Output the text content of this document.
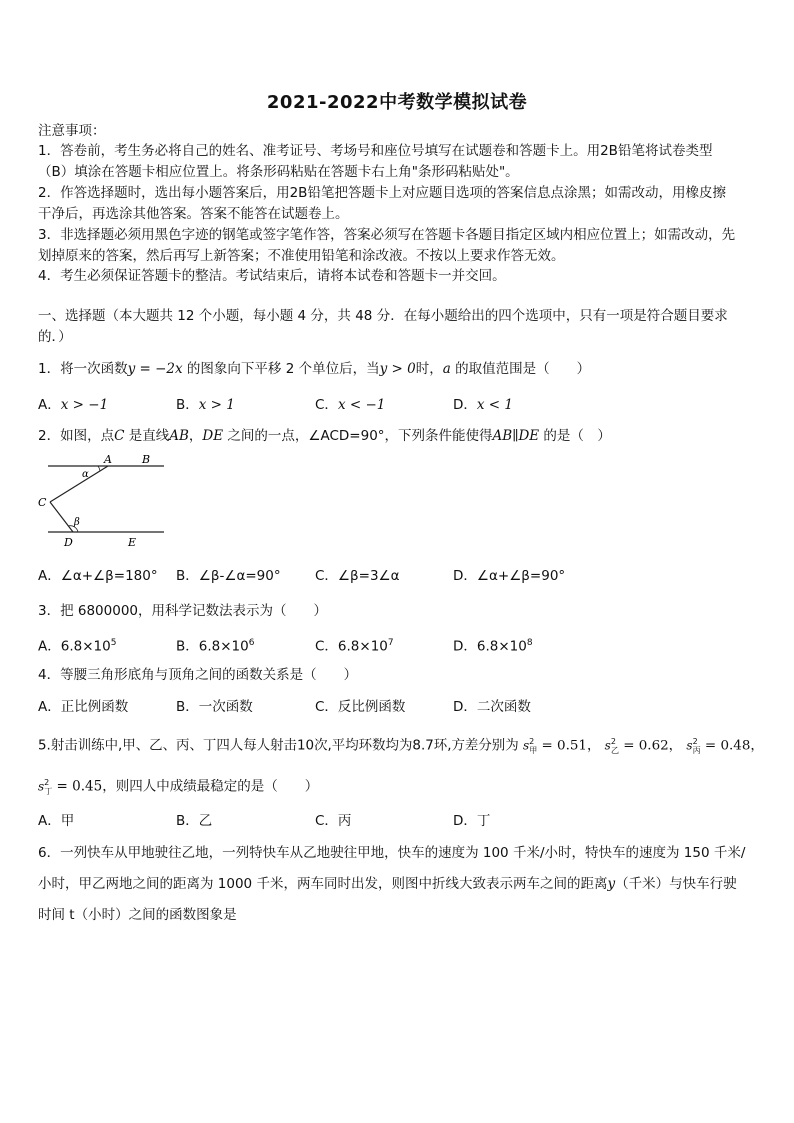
2021-2022中考数学模拟试卷
注意事项：
1．答卷前，考生务必将自己的姓名、准考证号、考场号和座位号填写在试题卷和答题卡上。用2B铅笔将试卷类型
（B）填涂在答题卡相应位置上。将条形码粘贴在答题卡右上角"条形码粘贴处"。
2．作答选择题时，选出每小题答案后，用2B铅笔把答题卡上对应题目选项的答案信息点涂黑；如需改动，用橡皮擦
干净后，再选涂其他答案。答案不能答在试题卷上。
3．非选择题必须用黑色字迹的钢笔或签字笔作答，答案必须写在答题卡各题目指定区域内相应位置上；如需改动，先
划掉原来的答案，然后再写上新答案；不准使用铅笔和涂改液。不按以上要求作答无效。
4．考生必须保证答题卡的整洁。考试结束后，请将本试卷和答题卡一并交回。
一、选择题（本大题共 12 个小题，每小题 4 分，共 48 分．在每小题给出的四个选项中，只有一项是符合题目要求
的．）
1．将一次函数y = −2x 的图象向下平移 2 个单位后，当y > 0时，a 的取值范围是（　　）
A．x > −1	B．x > 1	C．x < −1	D．x < 1
2．如图，点C 是直线AB，DE 之间的一点，∠ACD=90°，下列条件能使得AB∥DE 的是（　）
A	B
C
D	E
α
β
A．∠α+∠β=180° B．∠β-∠α=90°	C．∠β=3∠α	D．∠α+∠β=90°
3．把 6800000，用科学记数法表示为（　　）
A．$6.8\times 10^5$	B．$6.8\times 10^6$	C．$6.8\times 10^7$	D．$6.8\times 10^8$
4．等腰三角形底角与顶角之间的函数关系是（　　）
A．正比例函数	B．一次函数	C．反比例函数	D．二次函数
5.射击训练中,甲、乙、丙、丁四人每人射击10次,平均环数均为8.7环,方差分别为 $s^2_甲 = 0.51$， $s^2_乙 = 0.62$， $s^2_丙 = 0.48$，
$s^2_丁 = 0.45$，则四人中成绩最稳定的是（　　）
A．甲	B．乙	C．丙	D．丁
6．一列快车从甲地驶往乙地，一列特快车从乙地驶往甲地，快车的速度为 100 千米/小时，特快车的速度为 150 千米/
小时，甲乙两地之间的距离为 1000 千米，两车同时出发，则图中折线大致表示两车之间的距离y（千米）与快车行驶
时间 t（小时）之间的函数图象是
